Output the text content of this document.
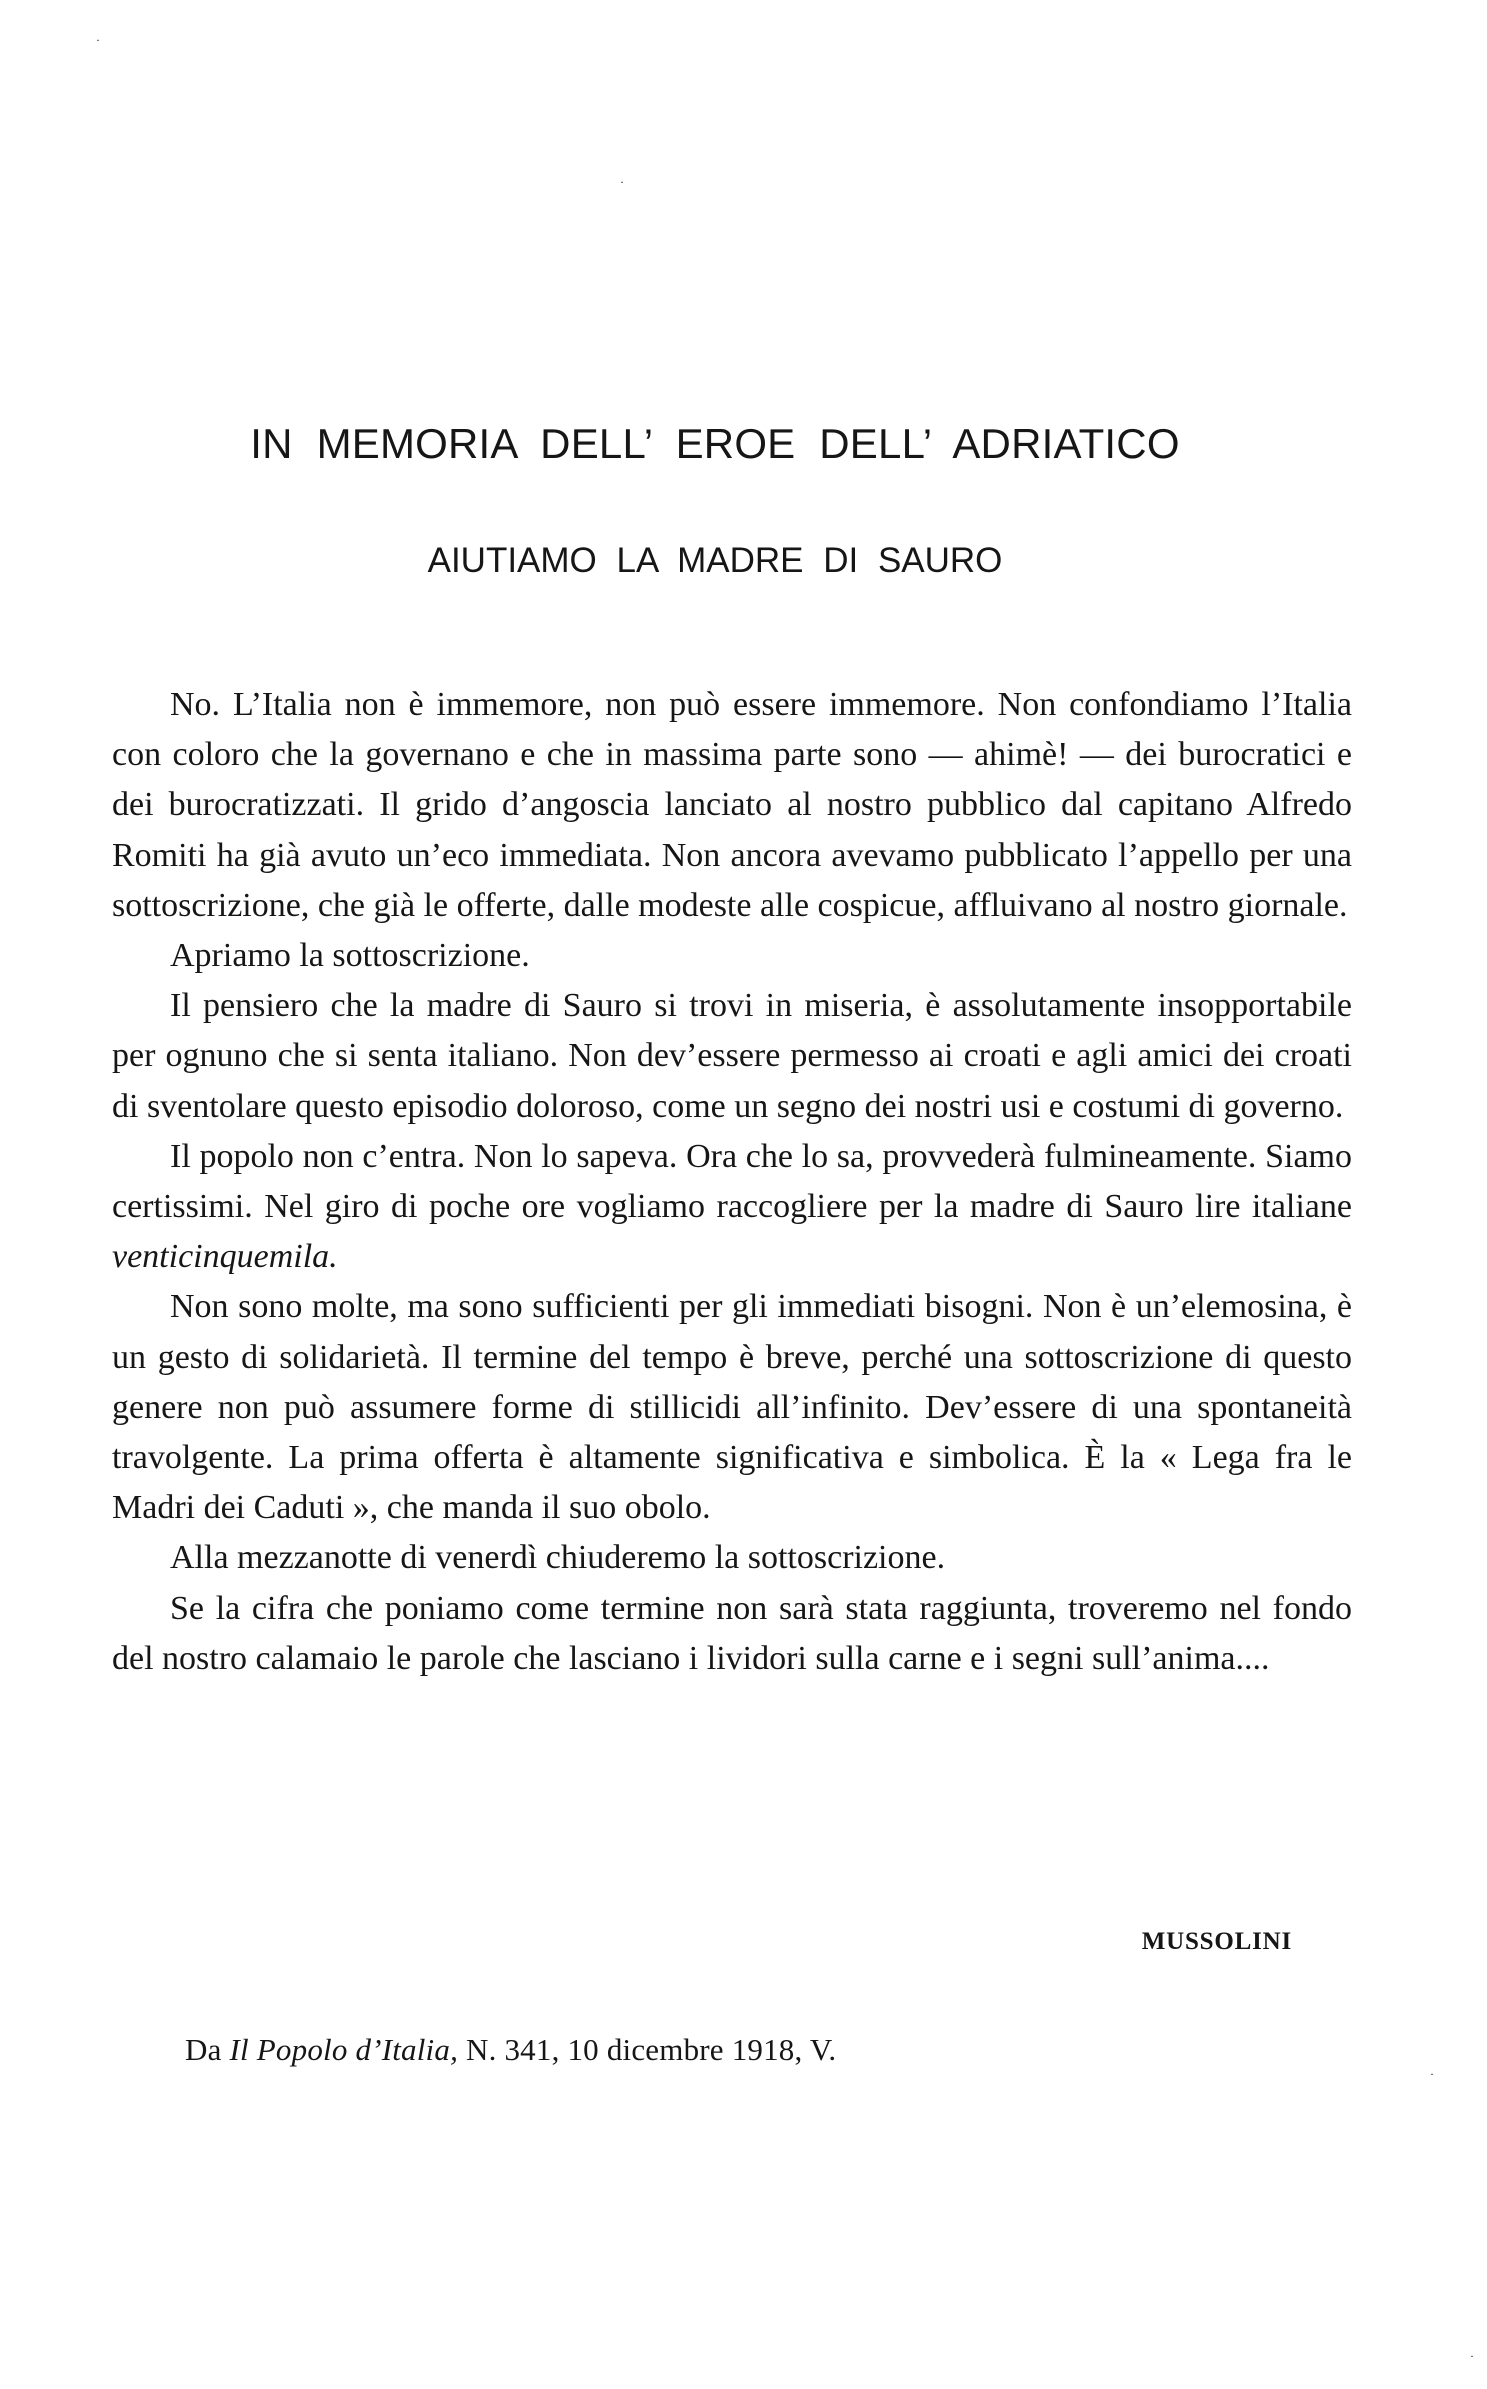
IN MEMORIA DELL’ EROE DELL’ ADRIATICO
AIUTIAMO LA MADRE DI SAURO

No. L’Italia non è immemore, non può essere immemore. Non confondiamo l’Italia con coloro che la governano e che in massima parte sono — ahimè! — dei burocratici e dei burocratizzati. Il grido d’angoscia lanciato al nostro pubblico dal capitano Alfredo Romiti ha già avuto un’eco immediata. Non ancora avevamo pubblicato l’appello per una sottoscrizione, che già le offerte, dalle modeste alle cospicue, affluivano al nostro giornale.

Apriamo la sottoscrizione.

Il pensiero che la madre di Sauro si trovi in miseria, è assolutamente insopportabile per ognuno che si senta italiano. Non dev’essere permesso ai croati e agli amici dei croati di sventolare questo episodio doloroso, come un segno dei nostri usi e costumi di governo.

Il popolo non c’entra. Non lo sapeva. Ora che lo sa, provvederà fulmineamente. Siamo certissimi. Nel giro di poche ore vogliamo raccogliere per la madre di Sauro lire italiane venticinquemila.

Non sono molte, ma sono sufficienti per gli immediati bisogni. Non è un’elemosina, è un gesto di solidarietà. Il termine del tempo è breve, perché una sottoscrizione di questo genere non può assumere forme di stillicidi all’infinito. Dev’essere di una spontaneità travolgente. La prima offerta è altamente significativa e simbolica. È la « Lega fra le Madri dei Caduti », che manda il suo obolo.

Alla mezzanotte di venerdì chiuderemo la sottoscrizione.

Se la cifra che poniamo come termine non sarà stata raggiunta, troveremo nel fondo del nostro calamaio le parole che lasciano i lividori sulla carne e i segni sull’anima....

MUSSOLINI
Da Il Popolo d’Italia, N. 341, 10 dicembre 1918, V.
·
·
·
·
